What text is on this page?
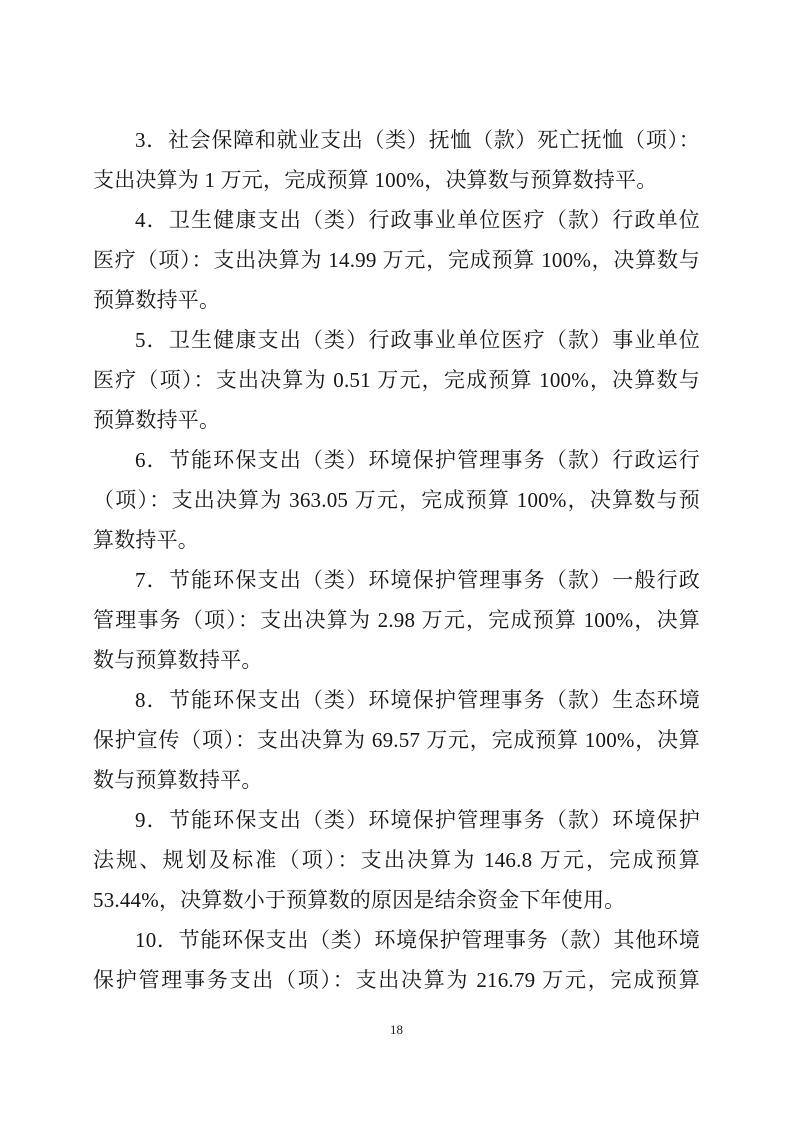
3．社会保障和就业支出（类）抚恤（款）死亡抚恤（项）：
支出决算为 1 万元，完成预算 100%，决算数与预算数持平。
4．卫生健康支出（类）行政事业单位医疗（款）行政单位
医疗（项）：支出决算为 14.99 万元，完成预算 100%，决算数与
预算数持平。
5．卫生健康支出（类）行政事业单位医疗（款）事业单位
医疗（项）：支出决算为 0.51 万元，完成预算 100%，决算数与
预算数持平。
6．节能环保支出（类）环境保护管理事务（款）行政运行
（项）：支出决算为 363.05 万元，完成预算 100%，决算数与预
算数持平。
7．节能环保支出（类）环境保护管理事务（款）一般行政
管理事务（项）：支出决算为 2.98 万元，完成预算 100%，决算
数与预算数持平。
8．节能环保支出（类）环境保护管理事务（款）生态环境
保护宣传（项）：支出决算为 69.57 万元，完成预算 100%，决算
数与预算数持平。
9．节能环保支出（类）环境保护管理事务（款）环境保护
法规、规划及标准（项）：支出决算为 146.8 万元，完成预算
53.44%，决算数小于预算数的原因是结余资金下年使用。
10．节能环保支出（类）环境保护管理事务（款）其他环境
保护管理事务支出（项）：支出决算为 216.79 万元，完成预算
18
